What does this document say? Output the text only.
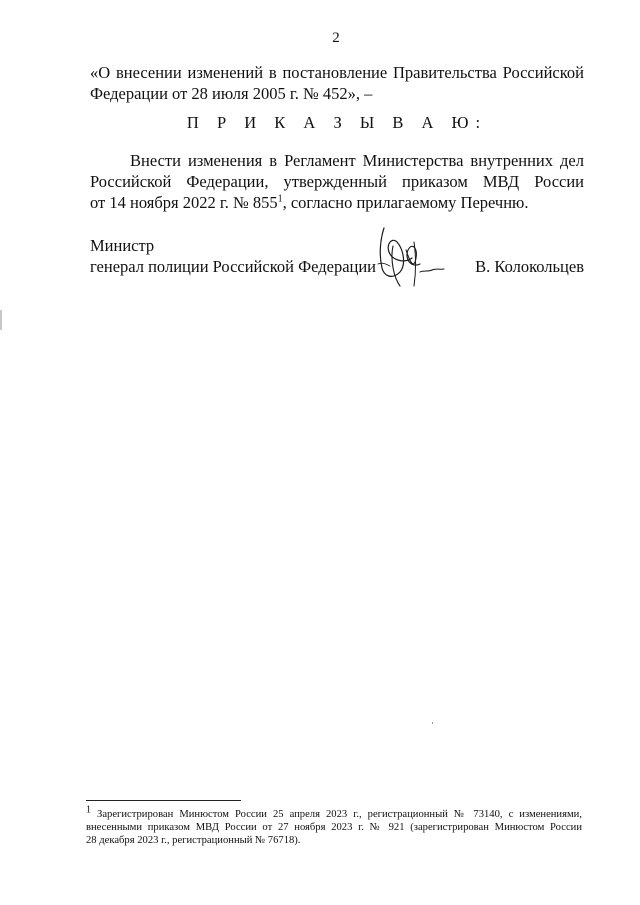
2
«О внесении изменений в постановление Правительства Российской
Федерации от 28 июля 2005 г. № 452», –
П Р И К А З Ы В А Ю:
Внести изменения в Регламент Министерства внутренних дел
Российской Федерации, утвержденный приказом МВД России
от 14 ноября 2022 г. № $855^1$, согласно прилагаемому Перечню.
Министр
генерал полиции Российской Федерации	В. Колокольцев
1 Зарегистрирован Минюстом России 25 апреля 2023 г., регистрационный № 73140, с изменениями,
внесенными приказом МВД России от 27 ноября 2023 г. № 921 (зарегистрирован Минюстом России
28 декабря 2023 г., регистрационный № 76718).
